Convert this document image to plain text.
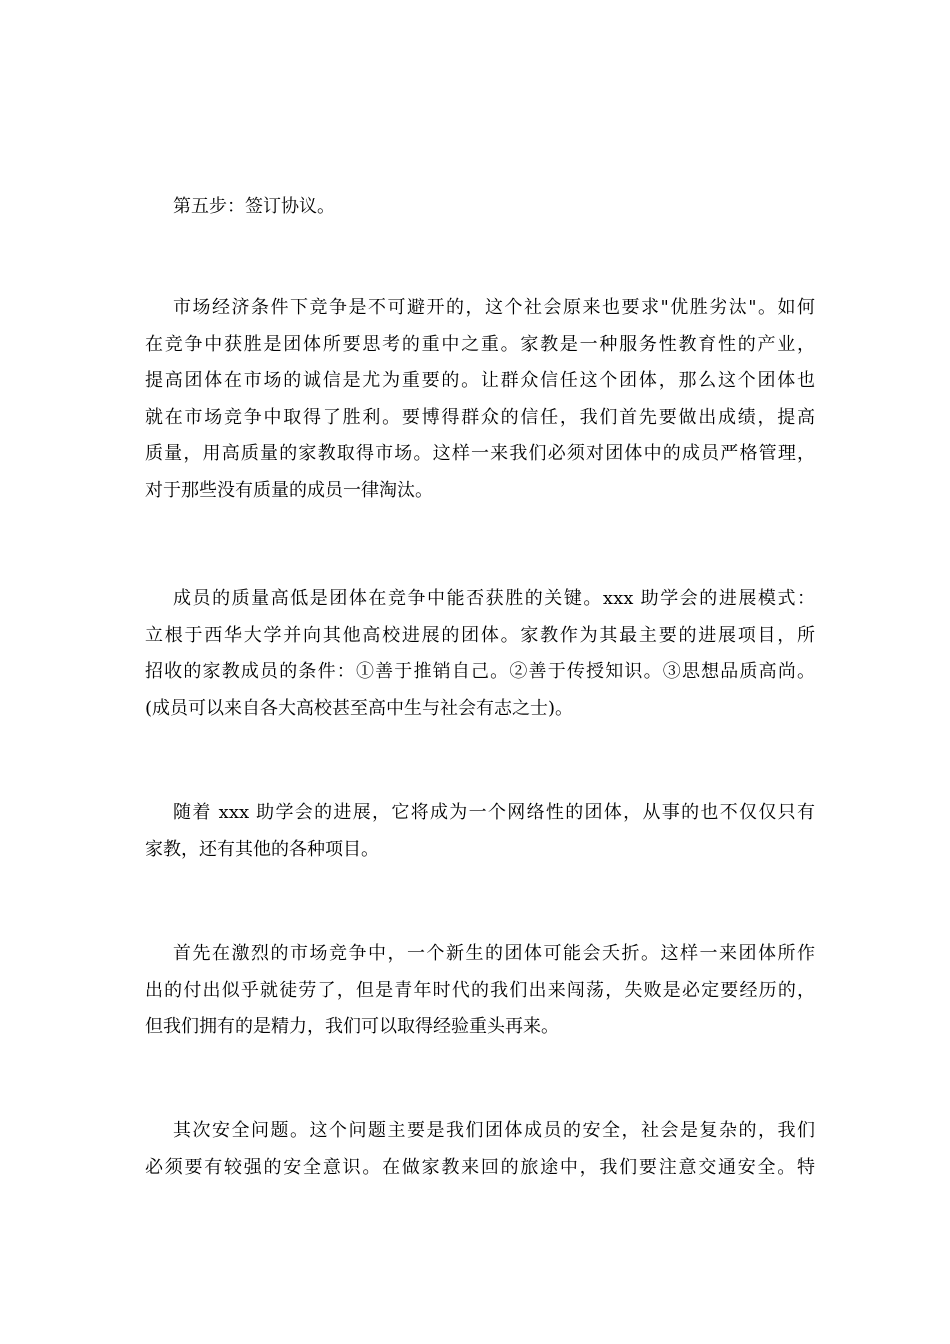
第五步：签订协议。

市场经济条件下竞争是不可避开的，这个社会原来也要求"优胜劣汰"。如何
在竞争中获胜是团体所要思考的重中之重。家教是一种服务性教育性的产业，
提高团体在市场的诚信是尤为重要的。让群众信任这个团体，那么这个团体也
就在市场竞争中取得了胜利。要博得群众的信任，我们首先要做出成绩，提高
质量，用高质量的家教取得市场。这样一来我们必须对团体中的成员严格管理，
对于那些没有质量的成员一律淘汰。

成员的质量高低是团体在竞争中能否获胜的关键。xxx 助学会的进展模式：
立根于西华大学并向其他高校进展的团体。家教作为其最主要的进展项目，所
招收的家教成员的条件：①善于推销自己。②善于传授知识。③思想品质高尚。
(成员可以来自各大高校甚至高中生与社会有志之士)。

随着 xxx 助学会的进展，它将成为一个网络性的团体，从事的也不仅仅只有
家教，还有其他的各种项目。

首先在激烈的市场竞争中，一个新生的团体可能会夭折。这样一来团体所作
出的付出似乎就徒劳了，但是青年时代的我们出来闯荡，失败是必定要经历的，
但我们拥有的是精力，我们可以取得经验重头再来。

其次安全问题。这个问题主要是我们团体成员的安全，社会是复杂的，我们
必须要有较强的安全意识。在做家教来回的旅途中，我们要注意交通安全。特
